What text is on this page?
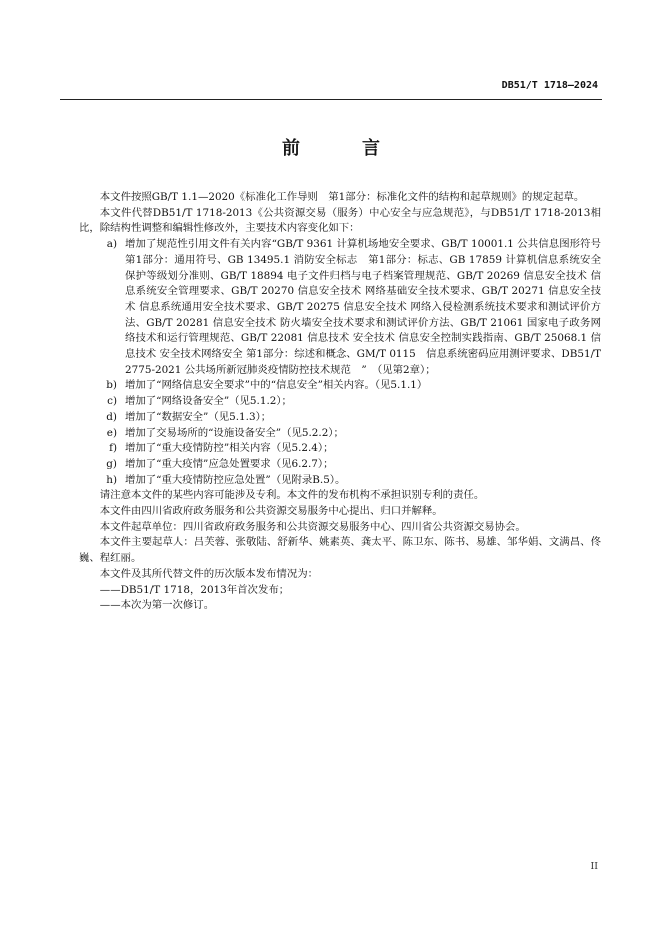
DB51/T 1718—2024
前　言

本文件按照GB/T 1.1—2020《标准化工作导则　第1部分：标准化文件的结构和起草规则》的规定起草。

本文件代替DB51/T 1718-2013《公共资源交易（服务）中心安全与应急规范》，与DB51/T 1718-2013相比，除结构性调整和编辑性修改外，主要技术内容变化如下：

a) 增加了规范性引用文件有关内容“GB/T 9361 计算机场地安全要求、GB/T 10001.1 公共信息图形符号 第1部分：通用符号、GB 13495.1 消防安全标志　第1部分：标志、GB 17859 计算机信息系统安全保护等级划分准则、GB/T 18894 电子文件归档与电子档案管理规范、GB/T 20269 信息安全技术 信息系统安全管理要求、GB/T 20270 信息安全技术 网络基础安全技术要求、GB/T 20271 信息安全技术 信息系统通用安全技术要求、GB/T 20275 信息安全技术 网络入侵检测系统技术要求和测试评价方法、GB/T 20281 信息安全技术 防火墙安全技术要求和测试评价方法、GB/T 21061 国家电子政务网络技术和运行管理规范、GB/T 22081 信息技术 安全技术 信息安全控制实践指南、GB/T 25068.1 信息技术 安全技术网络安全 第1部分：综述和概念、GM/T 0115　信息系统密码应用测评要求、DB51/T 2775-2021 公共场所新冠肺炎疫情防控技术规范　”　（见第2章）；
b) 增加了“网络信息安全要求”中的“信息安全”相关内容。（见5.1.1）
c) 增加了“网络设备安全”（见5.1.2）；
d) 增加了“数据安全”（见5.1.3）；
e) 增加了交易场所的“设施设备安全”（见5.2.2）；
f) 增加了“重大疫情防控”相关内容（见5.2.4）；
g) 增加了“重大疫情”应急处置要求（见6.2.7）；
h) 增加了“重大疫情防控应急处置”（见附录B.5）。

请注意本文件的某些内容可能涉及专利。本文件的发布机构不承担识别专利的责任。

本文件由四川省政府政务服务和公共资源交易服务中心提出、归口并解释。

本文件起草单位：四川省政府政务服务和公共资源交易服务中心、四川省公共资源交易协会。

本文件主要起草人：吕芙蓉、张敬陆、舒新华、姚素英、龚太平、陈卫东、陈书、易雄、邹华娟、文满昌、佟巍、程红丽。

本文件及其所代替文件的历次版本发布情况为：

——DB51/T 1718，2013年首次发布；

——本次为第一次修订。

II
